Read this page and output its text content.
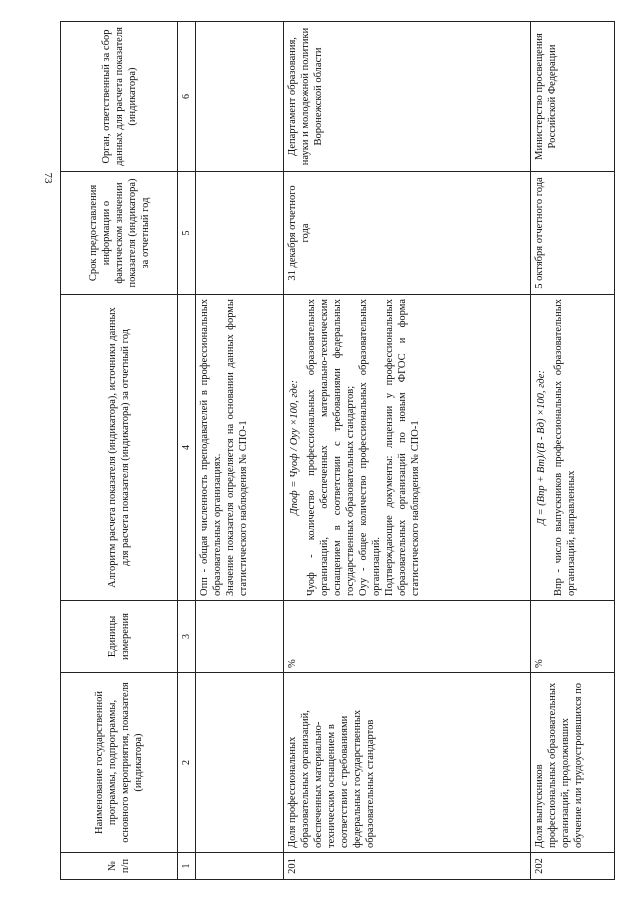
73
№ п/п	Наименование государственной программы, подпрограммы, основного мероприятия, показателя (индикатора)	Единицы измерения	Алгоритм расчета показателя (индикатора), источники данных для расчета показателя (индикатора) за отчетный год	Срок предоставления информации о фактическом значении показателя (индикатора) за отчетный год	Орган, ответственный за сбор данных для расчета показателя (индикатора)
1	2	3	4	5	6

			Опп - общая численность преподавателей в профессиональных образовательных организациях. Значение показателя определяется на основании данных формы статистического наблюдения № СПО-1		

201	Доля профессиональных образовательных организаций, обеспеченных материально-техническим оснащением в соответствии с требованиями федеральных государственных образовательных стандартов	%	Дпоф = Чуоф / Оуу ×100, где: Чуоф - количество профессиональных образовательных организаций, обеспеченных материально-техническим оснащением в соответствии с требованиями федеральных государственных образовательных стандартов; Оуу - общее количество профессиональных образовательных организаций. Подтверждающие документы: лицензии у профессиональных образовательных организаций по новым ФГОС и форма статистического наблюдения № СПО-1	31 декабря отчетного года	Департамент образования, науки и молодежной политики Воронежской области
202	Доля выпускников профессиональных образовательных организаций, продолживших обучение или трудоустроившихся по	%	Д = (Впр + Вт)/(В - Вд) ×100, где: Впр - число выпускников профессиональных образовательных организаций, направленных	5 октября отчетного года	Министерство просвещения Российской Федерации
